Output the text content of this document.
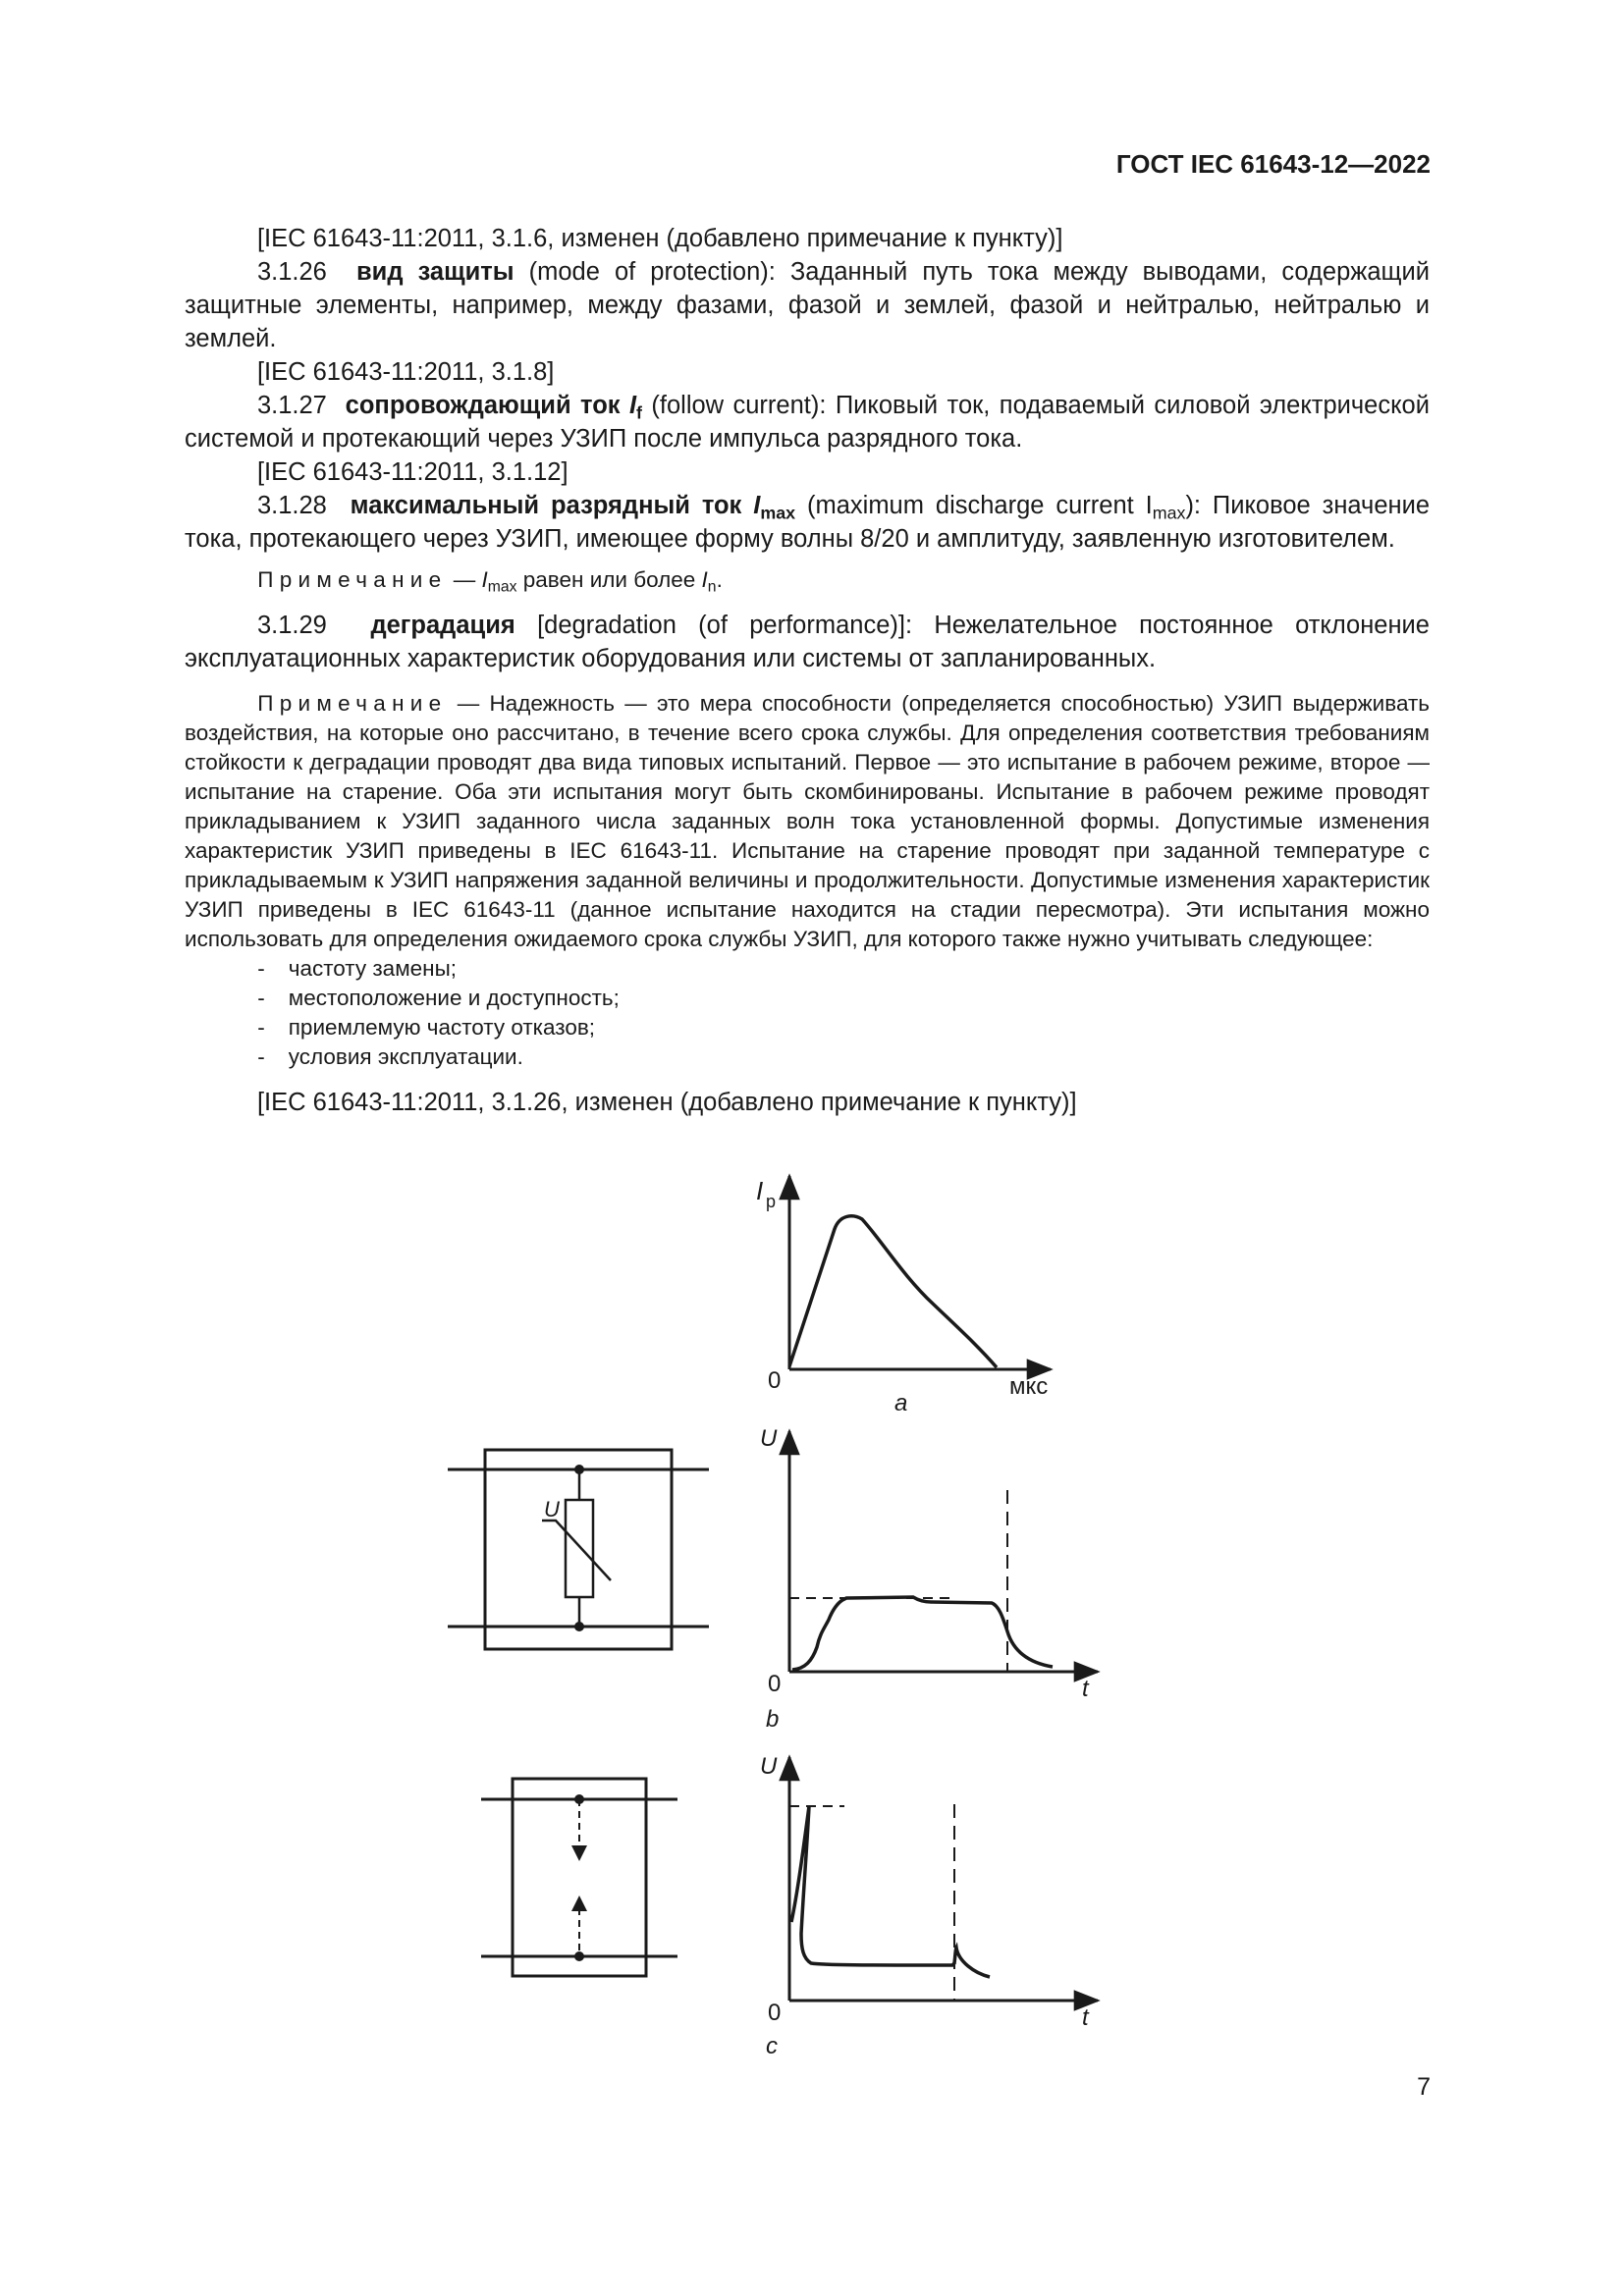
ГОСТ IEC 61643-12—2022

[IEC 61643-11:2011, 3.1.6, изменен (добавлено примечание к пункту)]

3.1.26 вид защиты (mode of protection): Заданный путь тока между выводами, содержащий защитные элементы, например, между фазами, фазой и землей, фазой и нейтралью, нейтралью и землей.

[IEC 61643-11:2011, 3.1.8]

3.1.27 сопровождающий ток $I_f$ (follow current): Пиковый ток, подаваемый силовой электрической системой и протекающий через УЗИП после импульса разрядного тока.

[IEC 61643-11:2011, 3.1.12]

3.1.28 максимальный разрядный ток $I_{max}$ (maximum discharge current $I_{max}$): Пиковое значение тока, протекающего через УЗИП, имеющее форму волны 8/20 и амплитуду, заявленную изготовителем.

Примечание — $I_{max}$ равен или более $I_n$.

3.1.29 деградация [degradation (of performance)]: Нежелательное постоянное отклонение эксплуатационных характеристик оборудования или системы от запланированных.

Примечание — Надежность — это мера способности (определяется способностью) УЗИП выдерживать воздействия, на которые оно рассчитано, в течение всего срока службы. Для определения соответствия требованиям стойкости к деградации проводят два вида типовых испытаний. Первое — это испытание в рабочем режиме, второе — испытание на старение. Оба эти испытания могут быть скомбинированы. Испытание в рабочем режиме проводят прикладыванием к УЗИП заданного числа заданных волн тока установленной формы. Допустимые изменения характеристик УЗИП приведены в IEC 61643-11. Испытание на старение проводят при заданной температуре с прикладываемым к УЗИП напряжения заданной величины и продолжительности. Допустимые изменения характеристик УЗИП приведены в IEC 61643-11 (данное испытание находится на стадии пересмотра). Эти испытания можно использовать для определения ожидаемого срока службы УЗИП, для которого также нужно учитывать следующее:

- частоту замены;
- местоположение и доступность;
- приемлемую частоту отказов;
- условия эксплуатации.

[IEC 61643-11:2011, 3.1.26, изменен (добавлено примечание к пункту)]

I p
0	мкс
a
U
0	t
b
U
U
0	t
c
7
